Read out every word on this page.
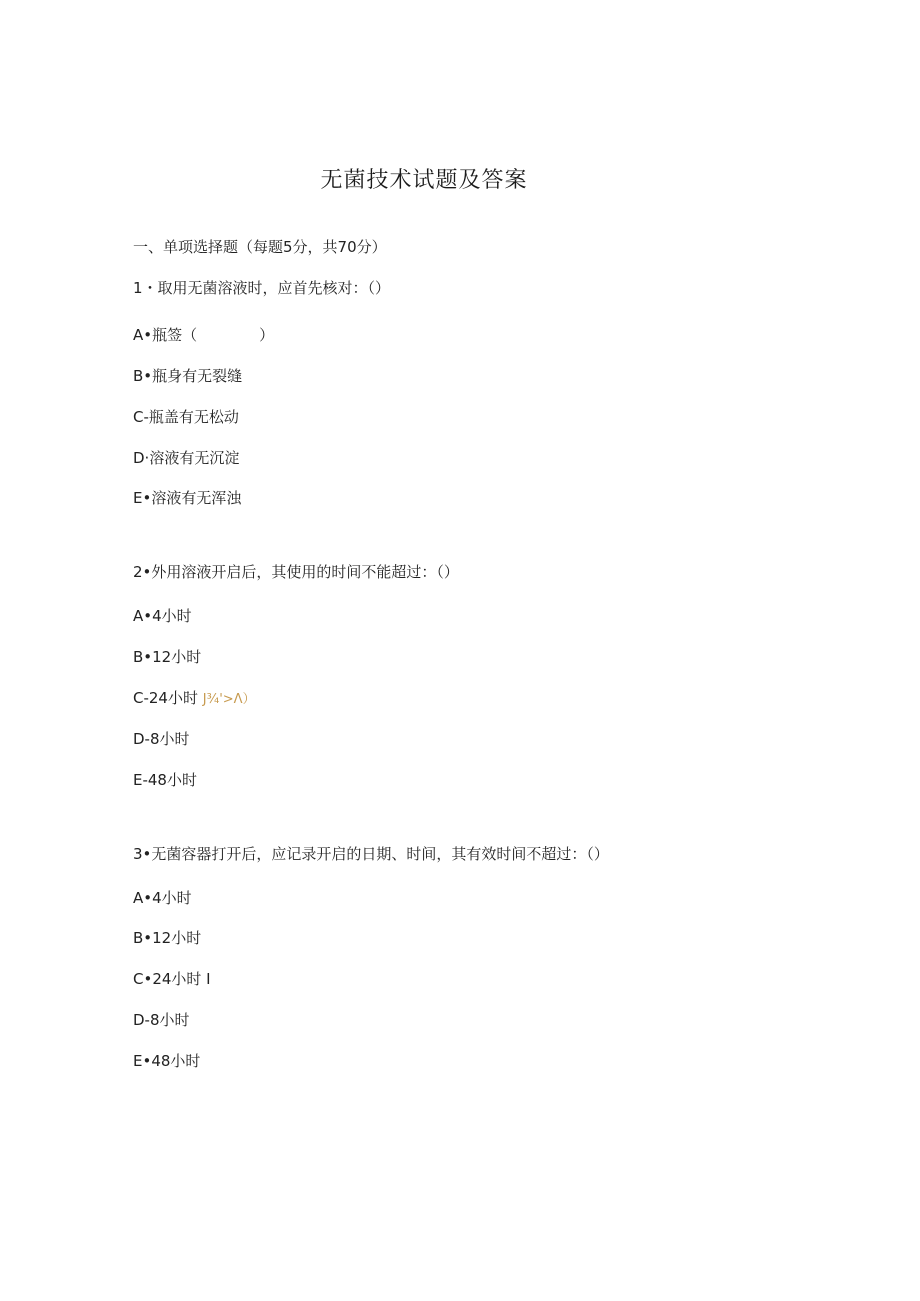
无菌技术试题及答案
一、单项选择题（每题5分，共70分）
1・取用无菌溶液时，应首先核对：（）
A•瓶签（             ）
B•瓶身有无裂缝
C-瓶盖有无松动
D·溶液有无沉淀
E•溶液有无浑浊
2•外用溶液开启后，其使用的时间不能超过：（）
A•4小时
B•12小时
C-24小时 J¾'>Λ）
D-8小时
E-48小时
3•无菌容器打开后，应记录开启的日期、时间，其有效时间不超过：（）
A•4小时
B•12小时
C•24小时 I
D-8小时
E•48小时
